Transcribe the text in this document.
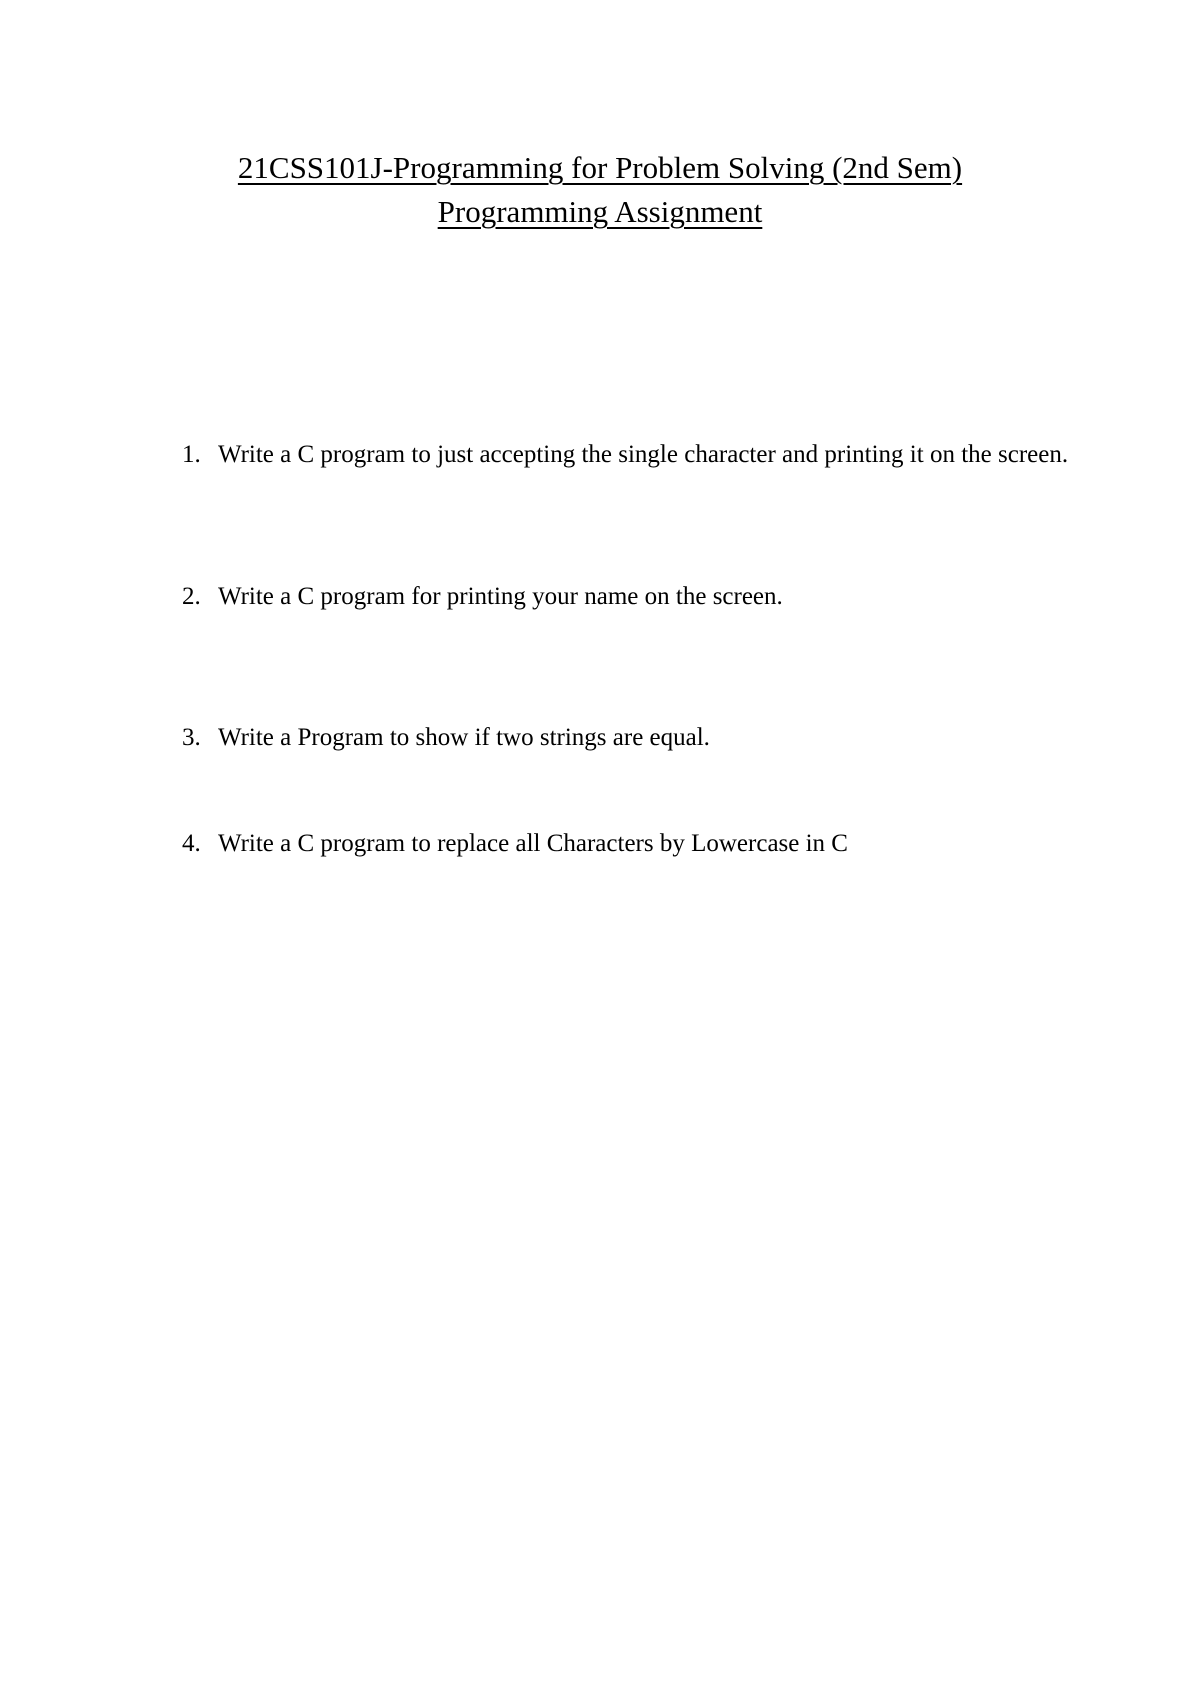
21CSS101J-Programming for Problem Solving (2nd Sem)
Programming Assignment
1. Write a C program to just accepting the single character and printing it on the screen.
2. Write a C program for printing your name on the screen.
3. Write a Program to show if two strings are equal.
4. Write a C program to replace all Characters by Lowercase in C
